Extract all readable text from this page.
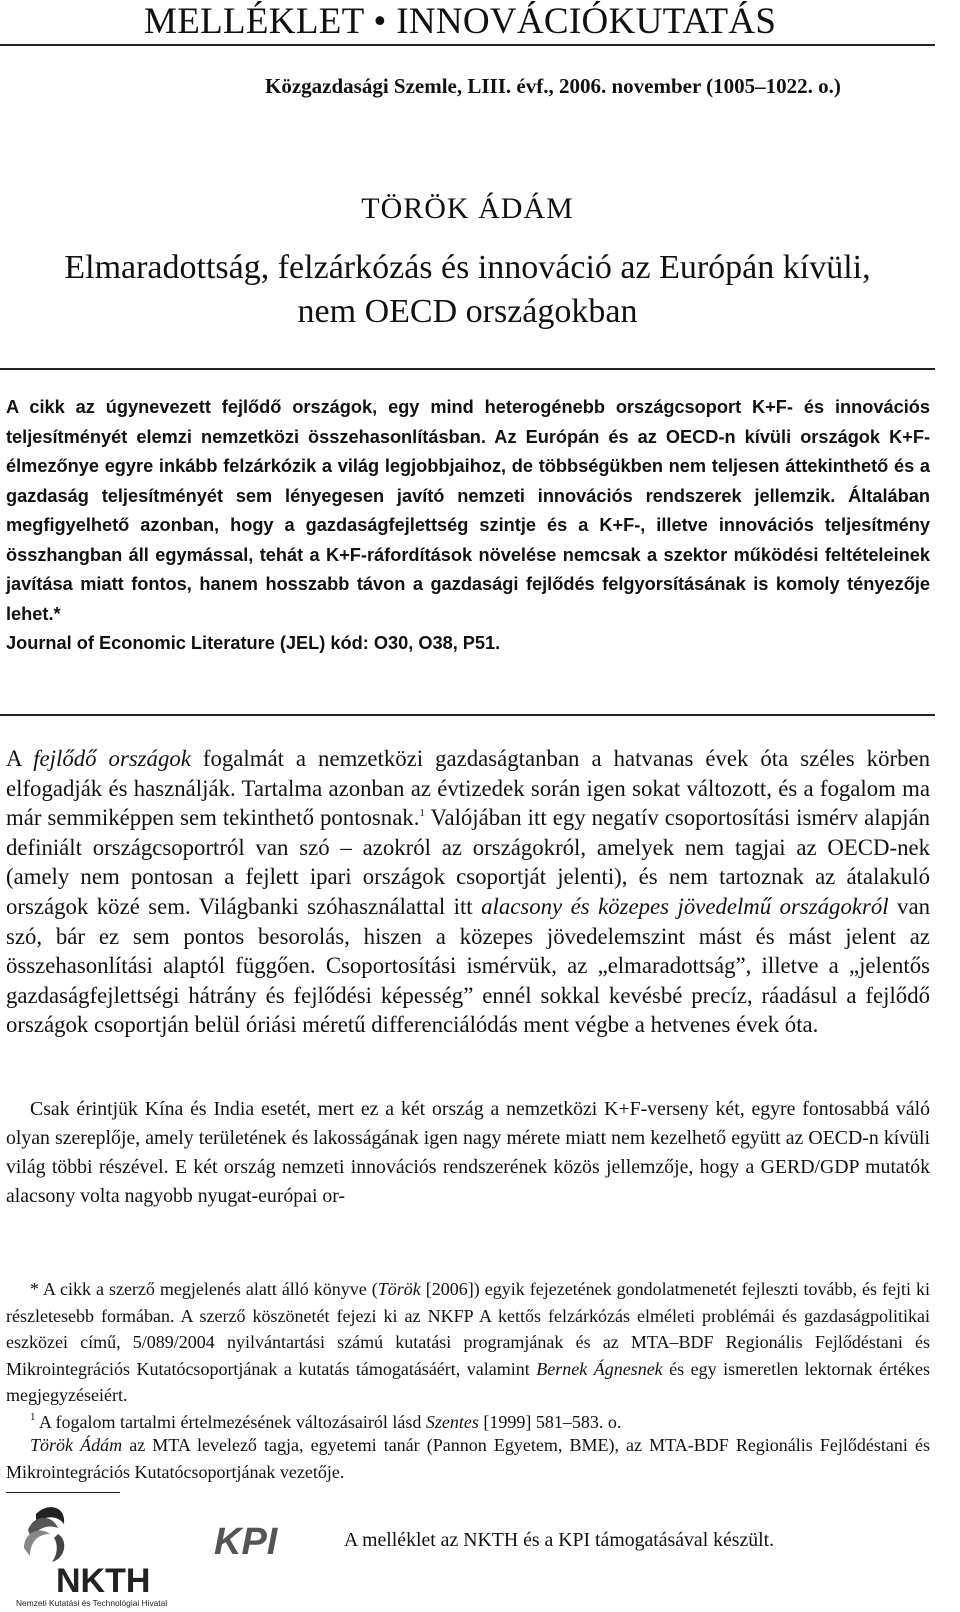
MELLÉKLET • INNOVÁCIÓKUTATÁS
Közgazdasági Szemle, LIII. évf., 2006. november (1005–1022. o.)
TÖRÖK ÁDÁM
Elmaradottság, felzárkózás és innováció az Európán kívüli,
nem OECD országokban

A cikk az úgynevezett fejlődő országok, egy mind heterogénebb országcsoport K+F- és innovációs teljesítményét elemzi nemzetközi összehasonlításban. Az Európán és az OECD-n kívüli országok K+F-élmezőnye egyre inkább felzárkózik a világ legjobbjaihoz, de többségükben nem teljesen áttekinthető és a gazdaság teljesítményét sem lényegesen javító nemzeti innovációs rendszerek jellemzik. Általában megfigyelhető azonban, hogy a gazdaságfejlettség szintje és a K+F-, illetve innovációs teljesítmény összhangban áll egymással, tehát a K+F-ráfordítások növelése nemcsak a szektor működési feltételeinek javítása miatt fontos, hanem hosszabb távon a gazdasági fejlődés felgyorsításának is komoly tényezője lehet.*

Journal of Economic Literature (JEL) kód: O30, O38, P51.

A fejlődő országok fogalmát a nemzetközi gazdaságtanban a hatvanas évek óta széles körben elfogadják és használják. Tartalma azonban az évtizedek során igen sokat változott, és a fogalom ma már semmiképpen sem tekinthető pontosnak.$^1$ Valójában itt egy negatív csoportosítási ismérv alapján definiált országcsoportról van szó – azokról az országokról, amelyek nem tagjai az OECD-nek (amely nem pontosan a fejlett ipari országok csoportját jelenti), és nem tartoznak az átalakuló országok közé sem. Világbanki szóhasználattal itt alacsony és közepes jövedelmű országokról van szó, bár ez sem pontos besorolás, hiszen a közepes jövedelemszint mást és mást jelent az összehasonlítási alaptól függően. Csoportosítási ismérvük, az „elmaradottság”, illetve a „jelentős gazdaságfejlettségi hátrány és fejlődési képesség” ennél sokkal kevésbé precíz, ráadásul a fejlődő országok csoportján belül óriási méretű differenciálódás ment végbe a hetvenes évek óta.

Csak érintjük Kína és India esetét, mert ez a két ország a nemzetközi K+F-verseny két, egyre fontosabbá váló olyan szereplője, amely területének és lakosságának igen nagy mérete miatt nem kezelhető együtt az OECD-n kívüli világ többi részével. E két ország nemzeti innovációs rendszerének közös jellemzője, hogy a GERD/GDP mutatók alacsony volta nagyobb nyugat-európai or-

* A cikk a szerző megjelenés alatt álló könyve (Török [2006]) egyik fejezetének gondolatmenetét fejleszti tovább, és fejti ki részletesebb formában. A szerző köszönetét fejezi ki az NKFP A kettős felzárkózás elméleti problémái és gazdaságpolitikai eszközei című, 5/089/2004 nyilvántartási számú kutatási programjának és az MTA–BDF Regionális Fejlődéstani és Mikrointegrációs Kutatócsoportjának a kutatás támogatásáért, valamint Bernek Ágnesnek és egy ismeretlen lektornak értékes megjegyzéseiért.

$^1$ A fogalom tartalmi értelmezésének változásairól lásd Szentes [1999] 581–583. o.

Török Ádám az MTA levelező tagja, egyetemi tanár (Pannon Egyetem, BME), az MTA-BDF Regionális Fejlődéstani és Mikrointegrációs Kutatócsoportjának vezetője.

NKTH
Nemzeti Kutatási és Technológiai Hivatal
KPI	A melléklet az NKTH és a KPI támogatásával készült.
